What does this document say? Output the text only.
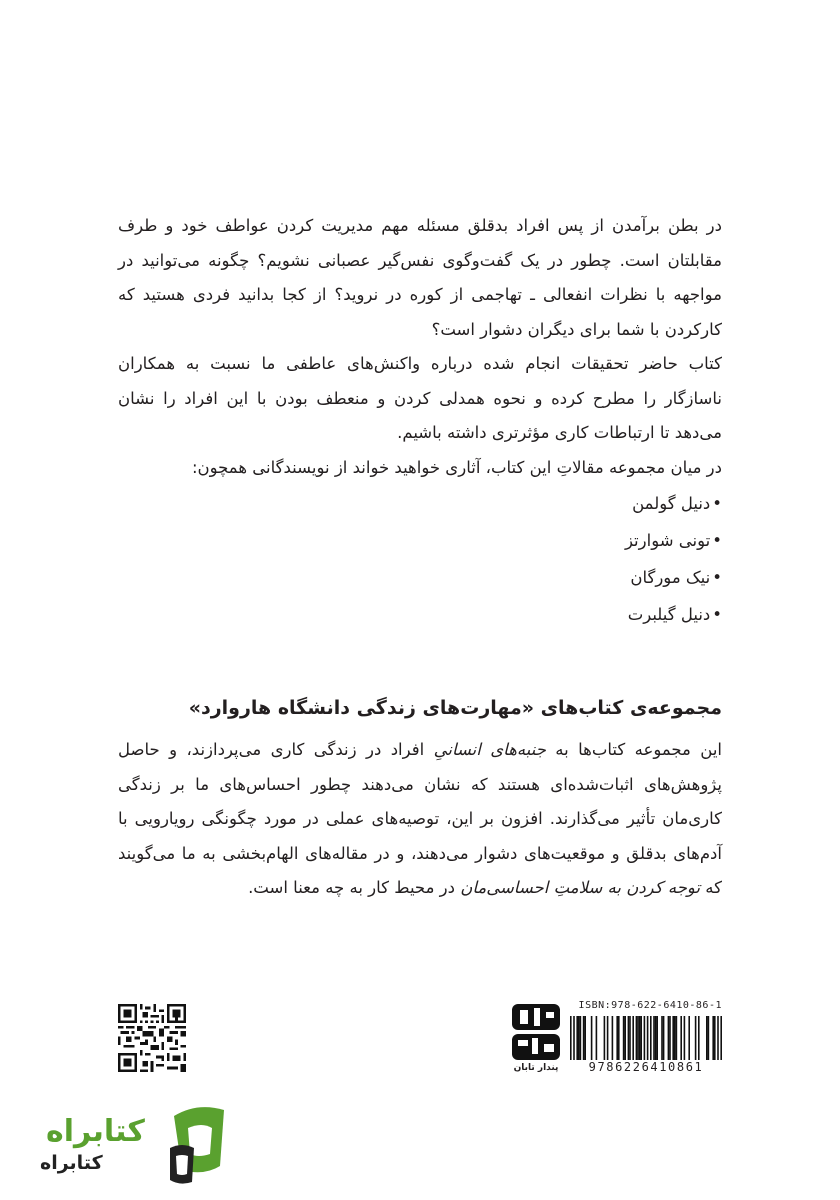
در بطن برآمدن از پس افراد بدقلق مسئله مهم مدیریت کردن عواطف خود و طرف مقابلتان است. چطور در یک گفت‌وگوی نفس‌گیر عصبانی نشویم؟ چگونه می‌توانید در مواجهه با نظرات انفعالی ـ تهاجمی از کوره در نروید؟ از کجا بدانید فردی هستید که کارکردن با شما برای دیگران دشوار است؟
کتاب حاضر تحقیقات انجام شده درباره واکنش‌های عاطفی ما نسبت به همکاران ناسازگار را مطرح کرده و نحوه همدلی کردن و منعطف بودن با این افراد را نشان می‌دهد تا ارتباطات کاری مؤثرتری داشته باشیم.
در میان مجموعه مقالاتِ این کتاب، آثاری خواهید خواند از نویسندگانی همچون:
• دنیل گولمن
• تونی شوارتز
• نیک مورگان
• دنیل گیلبرت
مجموعه‌ی کتاب‌های «مهارت‌های زندگی دانشگاه هاروارد»
این مجموعه کتاب‌ها به جنبه‌های انسانیِ افراد در زندگی کاری می‌پردازند، و حاصل پژوهش‌های اثبات‌شده‌ای هستند که نشان می‌دهند چطور احساس‌های ما بر زندگی کاری‌مان تأثیر می‌گذارند. افزون بر این، توصیه‌های عملی در مورد چگونگی رویارویی با آدم‌های بدقلق و موقعیت‌های دشوار می‌دهند، و در مقاله‌های الهام‌بخشی به ما می‌گویند که توجه کردن به سلامتِ احساسی‌مان در محیط کار به چه معنا است.
پندار تابان
ISBN:978-622-6410-86-1
9786226410861
کتابراه
کتابراه
